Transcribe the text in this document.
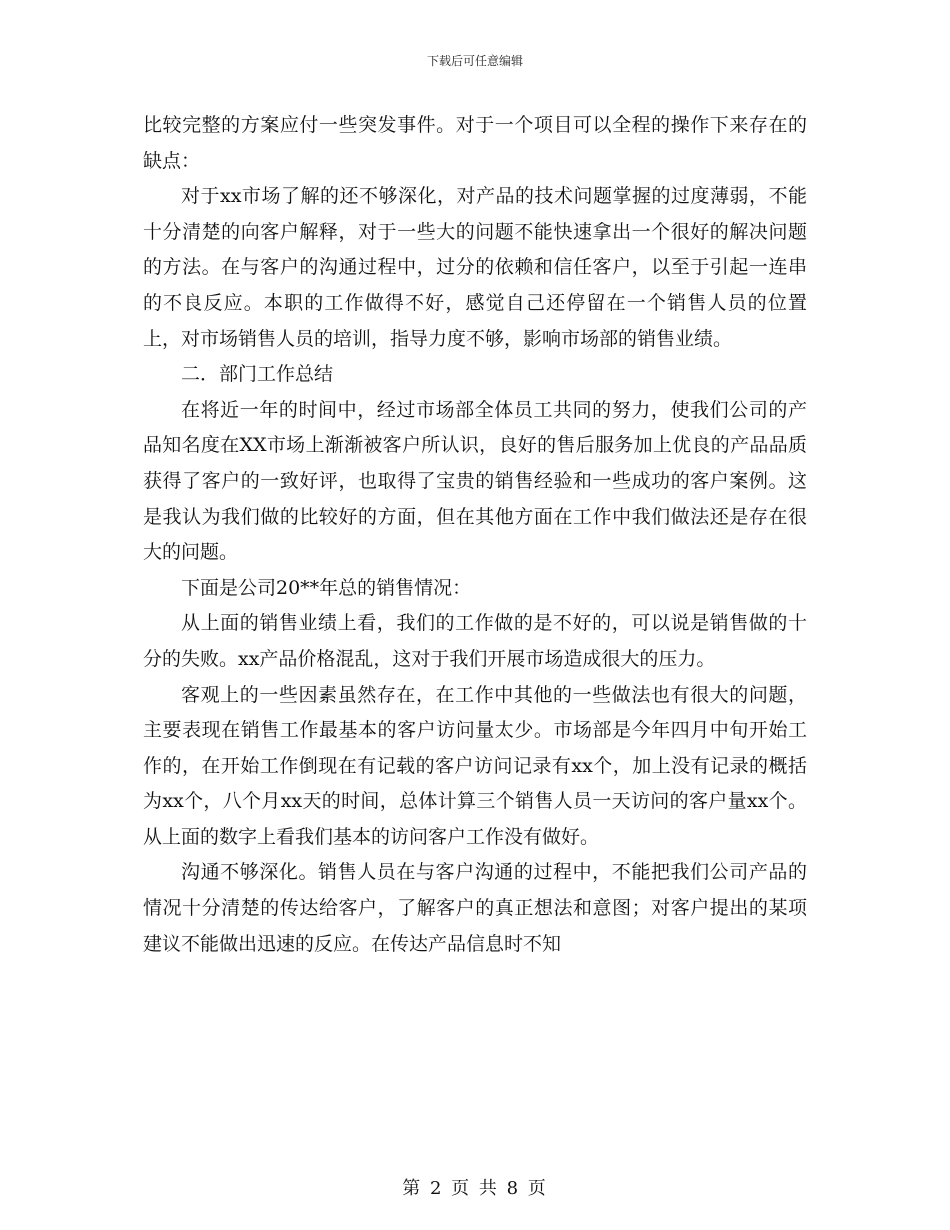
下载后可任意编辑

比较完整的方案应付一些突发事件。对于一个项目可以全程的操作下来存在的缺点：

对于xx市场了解的还不够深化，对产品的技术问题掌握的过度薄弱，不能十分清楚的向客户解释，对于一些大的问题不能快速拿出一个很好的解决问题的方法。在与客户的沟通过程中，过分的依赖和信任客户，以至于引起一连串的不良反应。本职的工作做得不好，感觉自己还停留在一个销售人员的位置上，对市场销售人员的培训，指导力度不够，影响市场部的销售业绩。

二．部门工作总结

在将近一年的时间中，经过市场部全体员工共同的努力，使我们公司的产品知名度在XX市场上渐渐被客户所认识，良好的售后服务加上优良的产品品质获得了客户的一致好评，也取得了宝贵的销售经验和一些成功的客户案例。这是我认为我们做的比较好的方面，但在其他方面在工作中我们做法还是存在很大的问题。

下面是公司20**年总的销售情况：

从上面的销售业绩上看，我们的工作做的是不好的，可以说是销售做的十分的失败。xx产品价格混乱，这对于我们开展市场造成很大的压力。

客观上的一些因素虽然存在，在工作中其他的一些做法也有很大的问题，主要表现在销售工作最基本的客户访问量太少。市场部是今年四月中旬开始工作的，在开始工作倒现在有记载的客户访问记录有xx个，加上没有记录的概括为xx个，八个月xx天的时间，总体计算三个销售人员一天访问的客户量xx个。从上面的数字上看我们基本的访问客户工作没有做好。

沟通不够深化。销售人员在与客户沟通的过程中，不能把我们公司产品的情况十分清楚的传达给客户，了解客户的真正想法和意图；对客户提出的某项建议不能做出迅速的反应。在传达产品信息时不知

第 2 页 共 8 页
